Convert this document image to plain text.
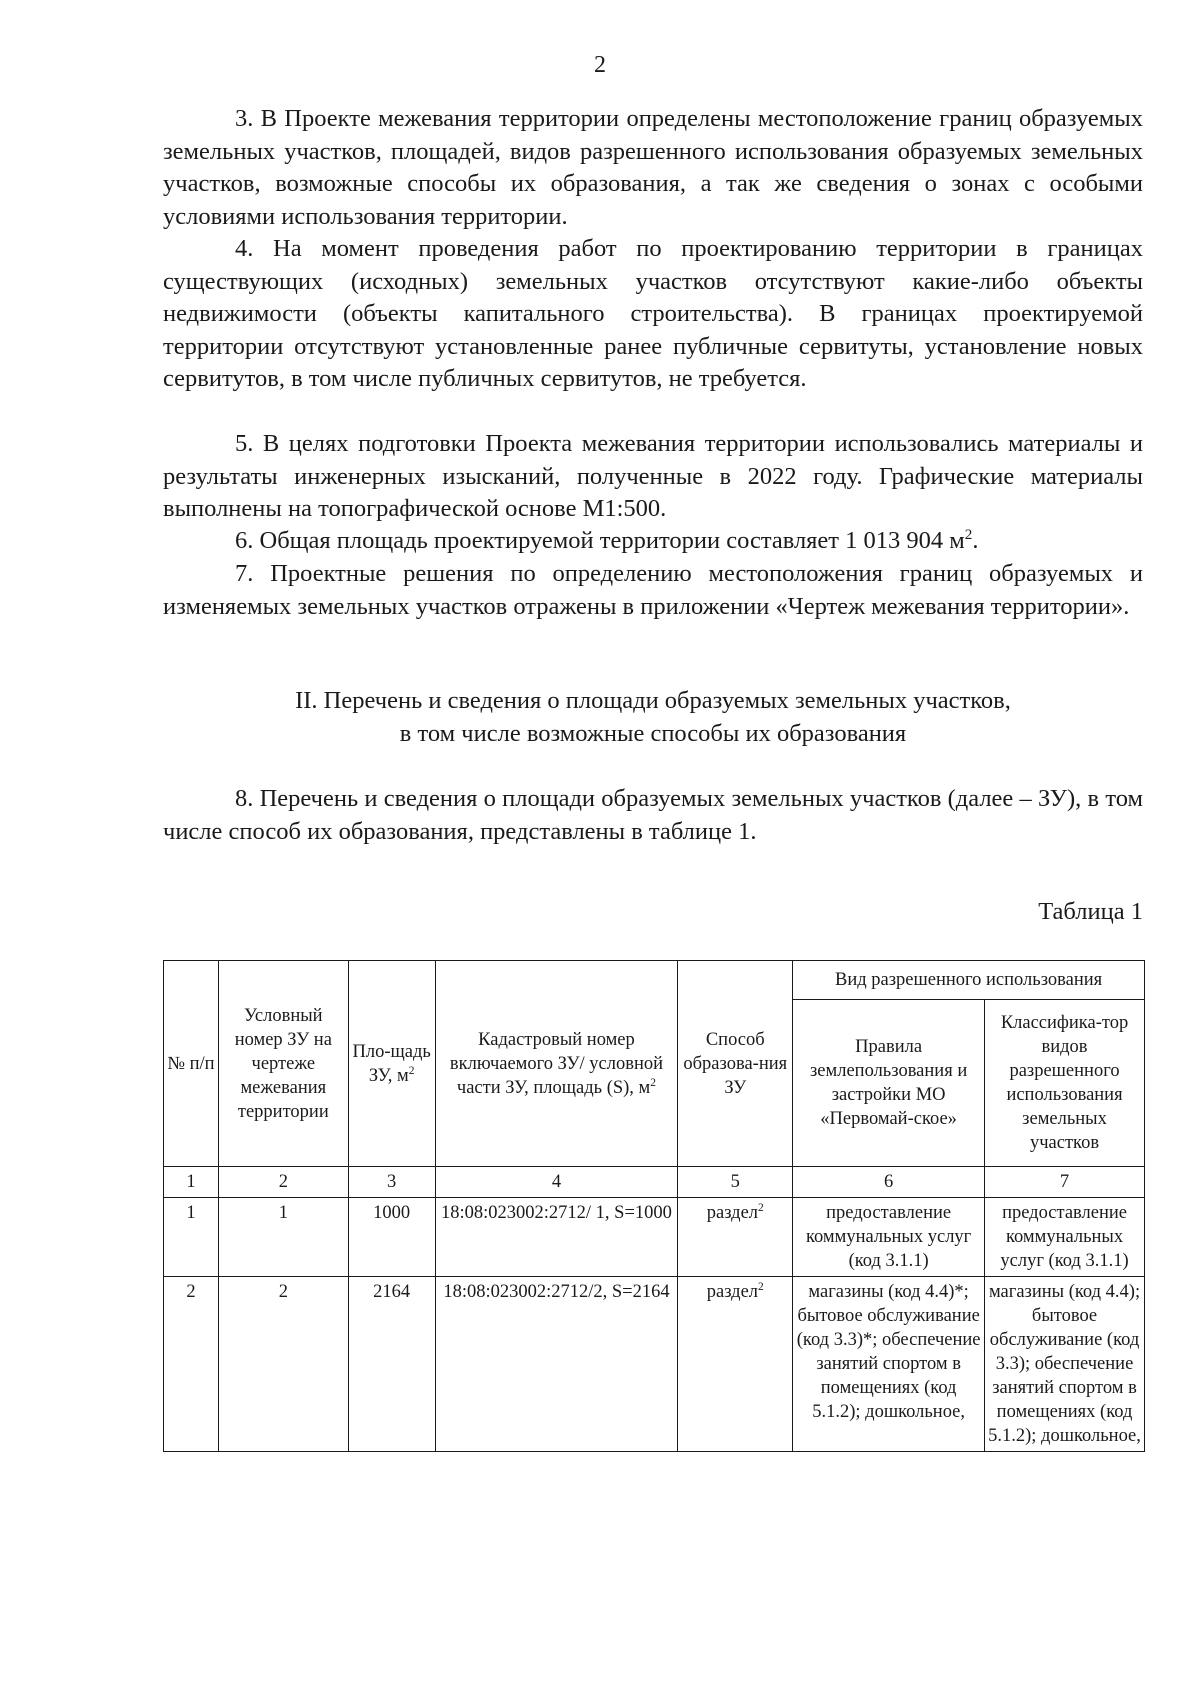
2

3. В Проекте межевания территории определены местоположение границ образуемых земельных участков, площадей, видов разрешенного использования образуемых земельных участков, возможные способы их образования, а так же сведения о зонах с особыми условиями использования территории.

4. На момент проведения работ по проектированию территории в границах существующих (исходных) земельных участков отсутствуют какие-либо объекты недвижимости (объекты капитального строительства). В границах проектируемой территории отсутствуют установленные ранее публичные сервитуты, установление новых сервитутов, в том числе публичных сервитутов, не требуется.

5. В целях подготовки Проекта межевания территории использовались материалы и результаты инженерных изысканий, полученные в 2022 году. Графические материалы выполнены на топографической основе М1:500.

6. Общая площадь проектируемой территории составляет 1 013 904 $м^2$.

7. Проектные решения по определению местоположения границ образуемых и изменяемых земельных участков отражены в приложении «Чертеж межевания территории».

II. Перечень и сведения о площади образуемых земельных участков,

в том числе возможные способы их образования

8. Перечень и сведения о площади образуемых земельных участков (далее – ЗУ), в том числе способ их образования, представлены в таблице 1.

Таблица 1
№ п/п	Условный номер ЗУ на чертеже межевания территории	Пло-щадь ЗУ, $м^2$	Кадастровый номер включаемого ЗУ/ условной части ЗУ, площадь (S), $м^2$	Способ образова-ния ЗУ	Вид разрешенного использования	
					Правила землепользования и застройки МО «Первомай-ское»	Классифика-тор видов разрешенного использования земельных участков
1	2	3	4	5	6	7
1	1	1000	18:08:023002:2712/ 1, S=1000	раздел$^2$	предоставление коммунальных услуг (код 3.1.1)	предоставление коммунальных услуг (код 3.1.1)
2	2	2164	18:08:023002:2712/2, S=2164	раздел$^2$	магазины (код 4.4)*; бытовое обслуживание (код 3.3)*; обеспечение занятий спортом в помещениях (код 5.1.2); дошкольное,	магазины (код 4.4); бытовое обслуживание (код 3.3); обеспечение занятий спортом в помещениях (код 5.1.2); дошкольное,
